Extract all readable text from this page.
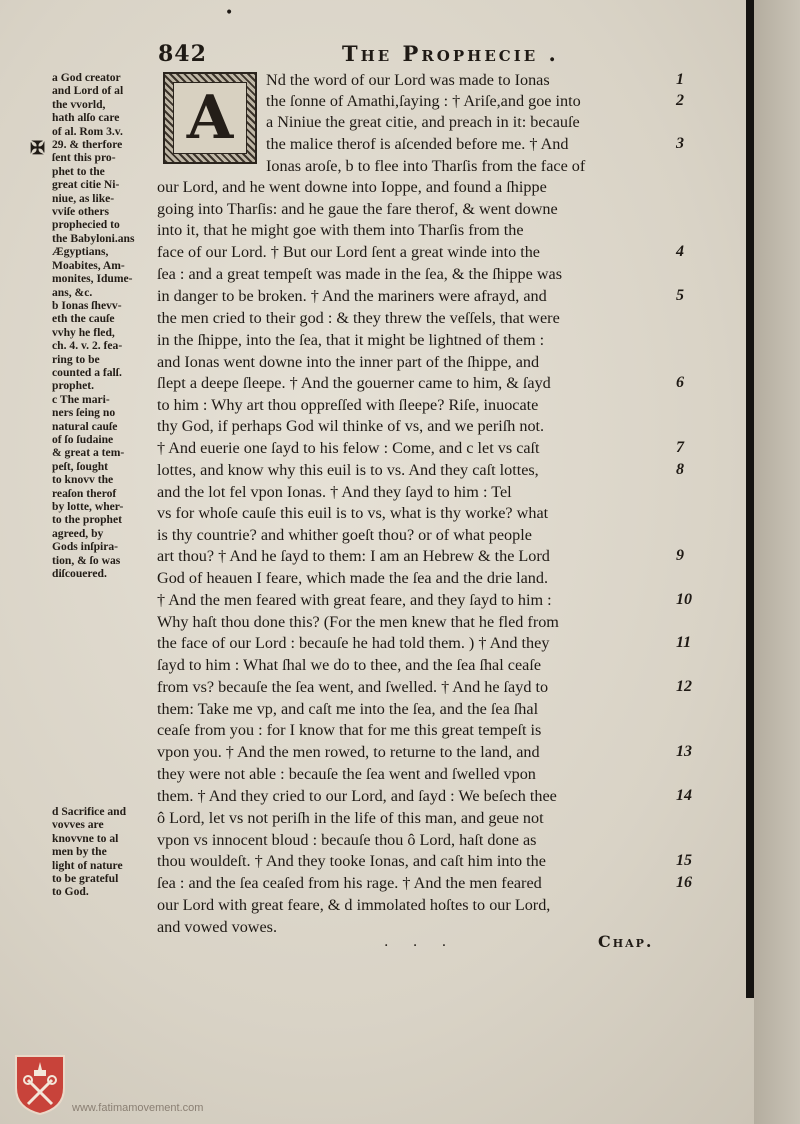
•
842	The Prophecie .
A
✠
a God creator
and Lord of al
the vvorld,
hath alſo care
of al. Rom 3.v.
29. & therfore
ſent this pro-
phet to the
great citie Ni-
niue, as like-
vviſe others
prophecied to
the Babyloni.ans
Ægyptians,
Moabites, Am-
monites, Idume-
ans, &c.
b Ionas ſhevv-
eth the cauſe
vvhy he fled,
ch. 4. v. 2. fea-
ring to be
counted a falſ.
prophet.
c The mari-
ners ſeing no
natural cauſe
of ſo ſudaine
& great a tem-
peſt, ſought
to knovv the
reaſon therof
by lotte, wher-
to the prophet
agreed, by
Gods inſpira-
tion, & ſo was
diſcouered.
d Sacrifice and
vovves are
knovvne to al
men by the
light of nature
to be grateful
to God.
Nd the word of our Lord was made to Ionas
the ſonne of Amathi,ſaying : † Ariſe,and goe into
a Niniue the great citie, and preach in it: becauſe
the malice therof is aſcended before me. † And
Ionas aroſe, b to flee into Tharſis from the face of
our Lord, and he went downe into Ioppe, and found a ſhippe
going into Tharſis: and he gaue the fare therof, & went downe
into it, that he might goe with them into Tharſis from the
face of our Lord. † But our Lord ſent a great winde into the
ſea : and a great tempeſt was made in the ſea, & the ſhippe was
in danger to be broken. † And the mariners were afrayd, and
the men cried to their god : & they threw the veſſels, that were
in the ſhippe, into the ſea, that it might be lightned of them :
and Ionas went downe into the inner part of the ſhippe, and
ſlept a deepe ſleepe. † And the gouerner came to him, & ſayd
to him : Why art thou oppreſſed with ſleepe? Riſe, inuocate
thy God, if perhaps God wil thinke of vs, and we periſh not.
† And euerie one ſayd to his felow : Come, and c let vs caſt
lottes, and know why this euil is to vs. And they caſt lottes,
and the lot fel vpon Ionas. † And they ſayd to him : Tel
vs for whoſe cauſe this euil is to vs, what is thy worke? what
is thy countrie? and whither goeſt thou? or of what people
art thou? † And he ſayd to them: I am an Hebrew & the Lord
God of heauen I feare, which made the ſea and the drie land.
† And the men feared with great feare, and they ſayd to him :
Why haſt thou done this? (For the men knew that he fled from
the face of our Lord : becauſe he had told them. ) † And they
ſayd to him : What ſhal we do to thee, and the ſea ſhal ceaſe
from vs? becauſe the ſea went, and ſwelled. † And he ſayd to
them: Take me vp, and caſt me into the ſea, and the ſea ſhal
ceaſe from you : for I know that for me this great tempeſt is
vpon you. † And the men rowed, to returne to the land, and
they were not able : becauſe the ſea went and ſwelled vpon
them. † And they cried to our Lord, and ſayd : We beſech thee
ô Lord, let vs not periſh in the life of this man, and geue not
vpon vs innocent bloud : becauſe thou ô Lord, haſt done as
thou wouldeſt. † And they tooke Ionas, and caſt him into the
ſea : and the ſea ceaſed from his rage. † And the men feared
our Lord with great feare, & d immolated hoſtes to our Lord,
and vowed vowes.
1
2
3
4
5
6
7
8
9
10
11
12
13
14
15
16
· · ·	Chap.
www.fatimamovement.com
